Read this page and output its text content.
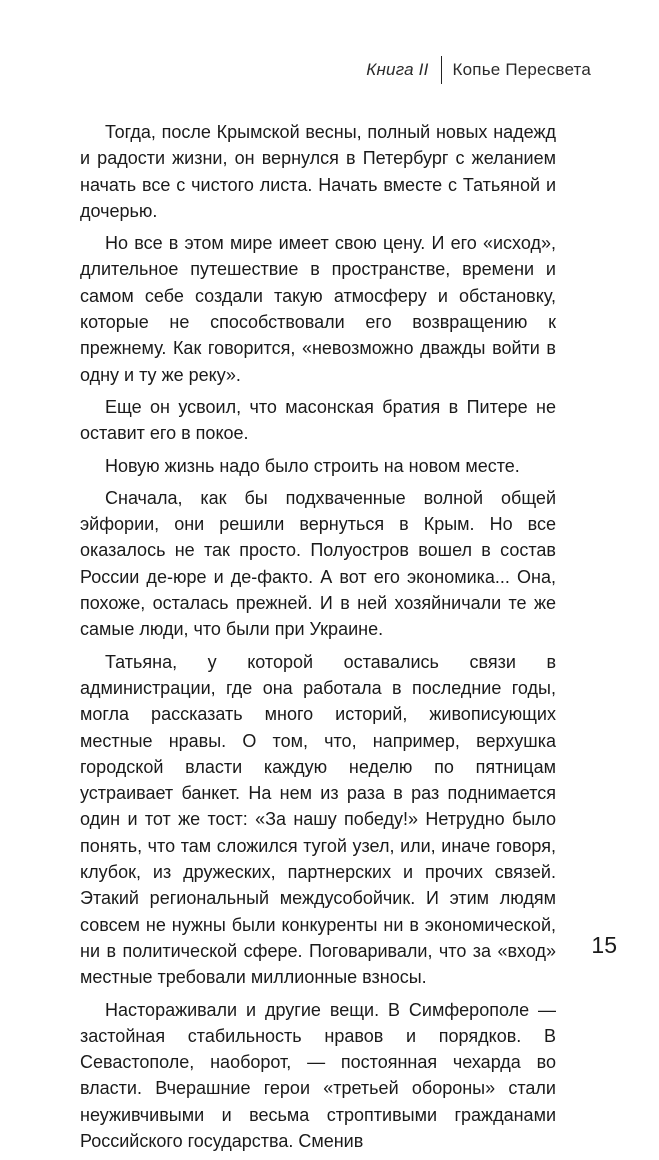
Книга II Копье Пересвета

Тогда, после Крымской весны, полный новых надежд и радости жизни, он вернулся в Петербург с желанием начать все с чистого листа. Начать вместе с Татьяной и дочерью.

Но все в этом мире имеет свою цену. И его «исход», длительное путешествие в пространстве, времени и самом себе создали такую атмосферу и обстановку, которые не способствовали его возвращению к прежнему. Как говорится, «невозможно дважды войти в одну и ту же реку».

Еще он усвоил, что масонская братия в Питере не оставит его в покое.

Новую жизнь надо было строить на новом месте.

Сначала, как бы подхваченные волной общей эйфории, они решили вернуться в Крым. Но все оказалось не так просто. Полуостров вошел в состав России де-юре и де-факто. А вот его экономика... Она, похоже, осталась прежней. И в ней хозяйничали те же самые люди, что были при Украине.

Татьяна, у которой оставались связи в администрации, где она работала в последние годы, могла рассказать много историй, живописующих местные нравы. О том, что, например, верхушка городской власти каждую неделю по пятницам устраивает банкет. На нем из раза в раз поднимается один и тот же тост: «За нашу победу!» Нетрудно было понять, что там сложился тугой узел, или, иначе говоря, клубок, из дружеских, партнерских и прочих связей. Этакий региональный междусобойчик. И этим людям совсем не нужны были конкуренты ни в экономической, ни в политической сфере. Поговаривали, что за «вход» местные требовали миллионные взносы.

Настораживали и другие вещи. В Симферополе — застойная стабильность нравов и порядков. В Севастополе, наоборот, — постоянная чехарда во власти. Вчерашние герои «третьей обороны» стали неуживчивыми и весьма строптивыми гражданами Российского государства. Сменив

15
